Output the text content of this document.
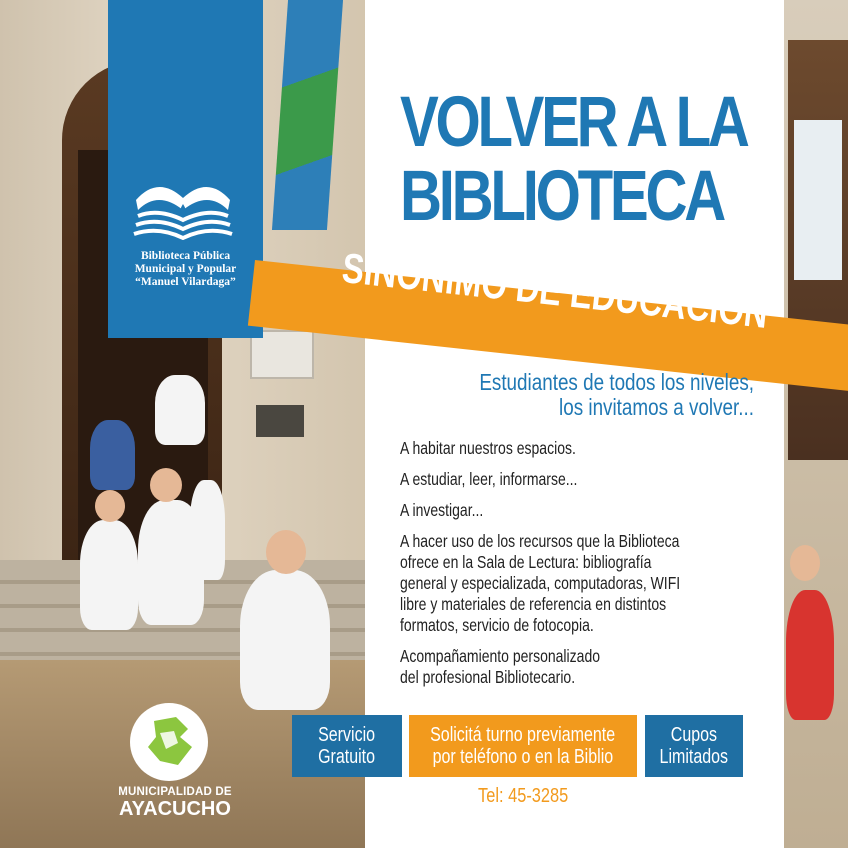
Biblioteca Pública
Municipal y Popular
“Manuel Vilardaga”

VOLVER A LA
BIBLIOTECA

SINÓNIMO DE EDUCACIÓN

Estudiantes de todos los niveles,
los invitamos a volver...

A habitar nuestros espacios.
A estudiar, leer, informarse...
A investigar...
A hacer uso de los recursos que la Biblioteca
ofrece en la Sala de Lectura: bibliografía
general y especializada, computadoras, WIFI
libre y materiales de referencia en distintos
formatos, servicio de fotocopia.
Acompañamiento personalizado
del profesional Bibliotecario.
Servicio
Gratuito
Solicitá turno previamente
por teléfono o en la Biblio
Cupos
Limitados

Tel: 45-3285

MUNICIPALIDAD DE
AYACUCHO
